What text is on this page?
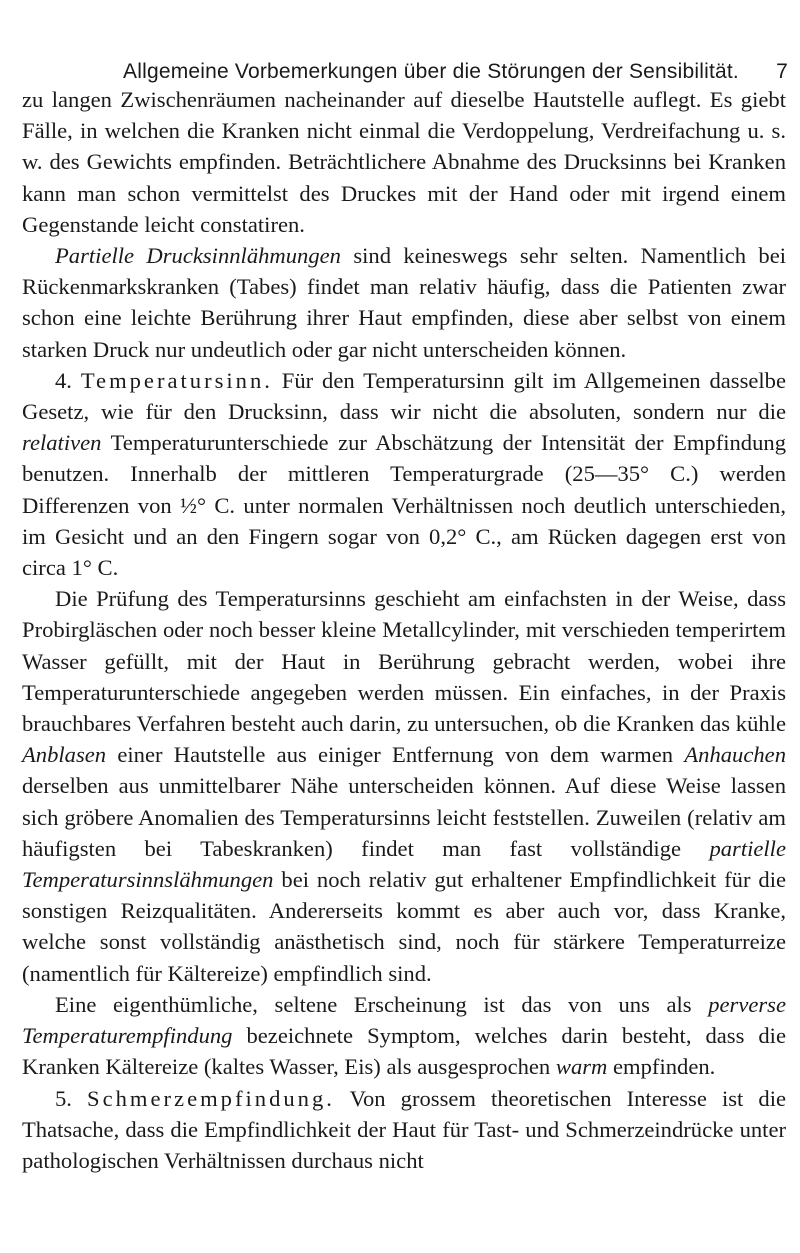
Allgemeine Vorbemerkungen über die Störungen der Sensibilität. 7

zu langen Zwischenräumen nacheinander auf dieselbe Hautstelle auflegt. Es giebt Fälle, in welchen die Kranken nicht einmal die Verdoppelung, Verdreifachung u. s. w. des Gewichts empfinden. Beträchtlichere Abnahme des Drucksinns bei Kranken kann man schon vermittelst des Druckes mit der Hand oder mit irgend einem Gegenstande leicht constatiren.

Partielle Drucksinnlähmungen sind keineswegs sehr selten. Namentlich bei Rückenmarkskranken (Tabes) findet man relativ häufig, dass die Patienten zwar schon eine leichte Berührung ihrer Haut empfinden, diese aber selbst von einem starken Druck nur undeutlich oder gar nicht unterscheiden können.

4. Temperatursinn. Für den Temperatursinn gilt im Allgemeinen dasselbe Gesetz, wie für den Drucksinn, dass wir nicht die absoluten, sondern nur die relativen Temperaturunterschiede zur Abschätzung der Intensität der Empfindung benutzen. Innerhalb der mittleren Temperaturgrade (25—35° C.) werden Differenzen von ½° C. unter normalen Verhältnissen noch deutlich unterschieden, im Gesicht und an den Fingern sogar von 0,2° C., am Rücken dagegen erst von circa 1° C.

Die Prüfung des Temperatursinns geschieht am einfachsten in der Weise, dass Probirgläschen oder noch besser kleine Metallcylinder, mit verschieden temperirtem Wasser gefüllt, mit der Haut in Berührung gebracht werden, wobei ihre Temperaturunterschiede angegeben werden müssen. Ein einfaches, in der Praxis brauchbares Verfahren besteht auch darin, zu untersuchen, ob die Kranken das kühle Anblasen einer Hautstelle aus einiger Entfernung von dem warmen Anhauchen derselben aus unmittelbarer Nähe unterscheiden können. Auf diese Weise lassen sich gröbere Anomalien des Temperatursinns leicht feststellen. Zuweilen (relativ am häufigsten bei Tabeskranken) findet man fast vollständige partielle Temperatursinnslähmungen bei noch relativ gut erhaltener Empfindlichkeit für die sonstigen Reizqualitäten. Andererseits kommt es aber auch vor, dass Kranke, welche sonst vollständig anästhetisch sind, noch für stärkere Temperaturreize (namentlich für Kältereize) empfindlich sind.

Eine eigenthümliche, seltene Erscheinung ist das von uns als perverse Temperaturempfindung bezeichnete Symptom, welches darin besteht, dass die Kranken Kältereize (kaltes Wasser, Eis) als ausgesprochen warm empfinden.

5. Schmerzempfindung. Von grossem theoretischen Interesse ist die Thatsache, dass die Empfindlichkeit der Haut für Tast- und Schmerzeindrücke unter pathologischen Verhältnissen durchaus nicht
